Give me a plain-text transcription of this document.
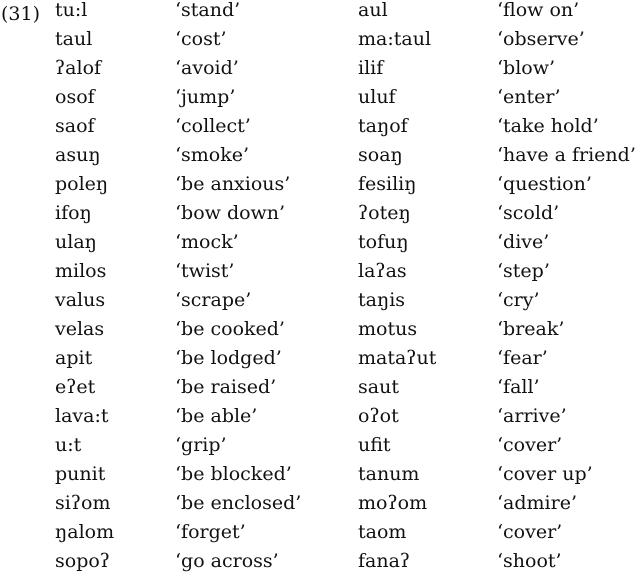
(31) tu:l	‘stand’	aul	‘flow on’
taul	‘cost’	ma:taul	‘observe’
ʔalof	‘avoid’	ilif	‘blow’
osof	‘jump’	uluf	‘enter’
saof	‘collect’	taŋof	‘take hold’
asuŋ	‘smoke’	soaŋ	‘have a friend’
poleŋ	‘be anxious’	fesiliŋ	‘question’
ifoŋ	‘bow down’	ʔoteŋ	‘scold’
ulaŋ	‘mock’	tofuŋ	‘dive’
milos	‘twist’	laʔas	‘step’
valus	‘scrape’	taŋis	‘cry’
velas	‘be cooked’	motus	‘break’
apit	‘be lodged’	mataʔut	‘fear’
eʔet	‘be raised’	saut	‘fall’
lava:t	‘be able’	oʔot	‘arrive’
u:t	‘grip’	ufit	‘cover’
punit	‘be blocked’	tanum	‘cover up’
siʔom	‘be enclosed’	moʔom	‘admire’
ŋalom	‘forget’	taom	‘cover’
sopoʔ	‘go across’	fanaʔ	‘shoot’
